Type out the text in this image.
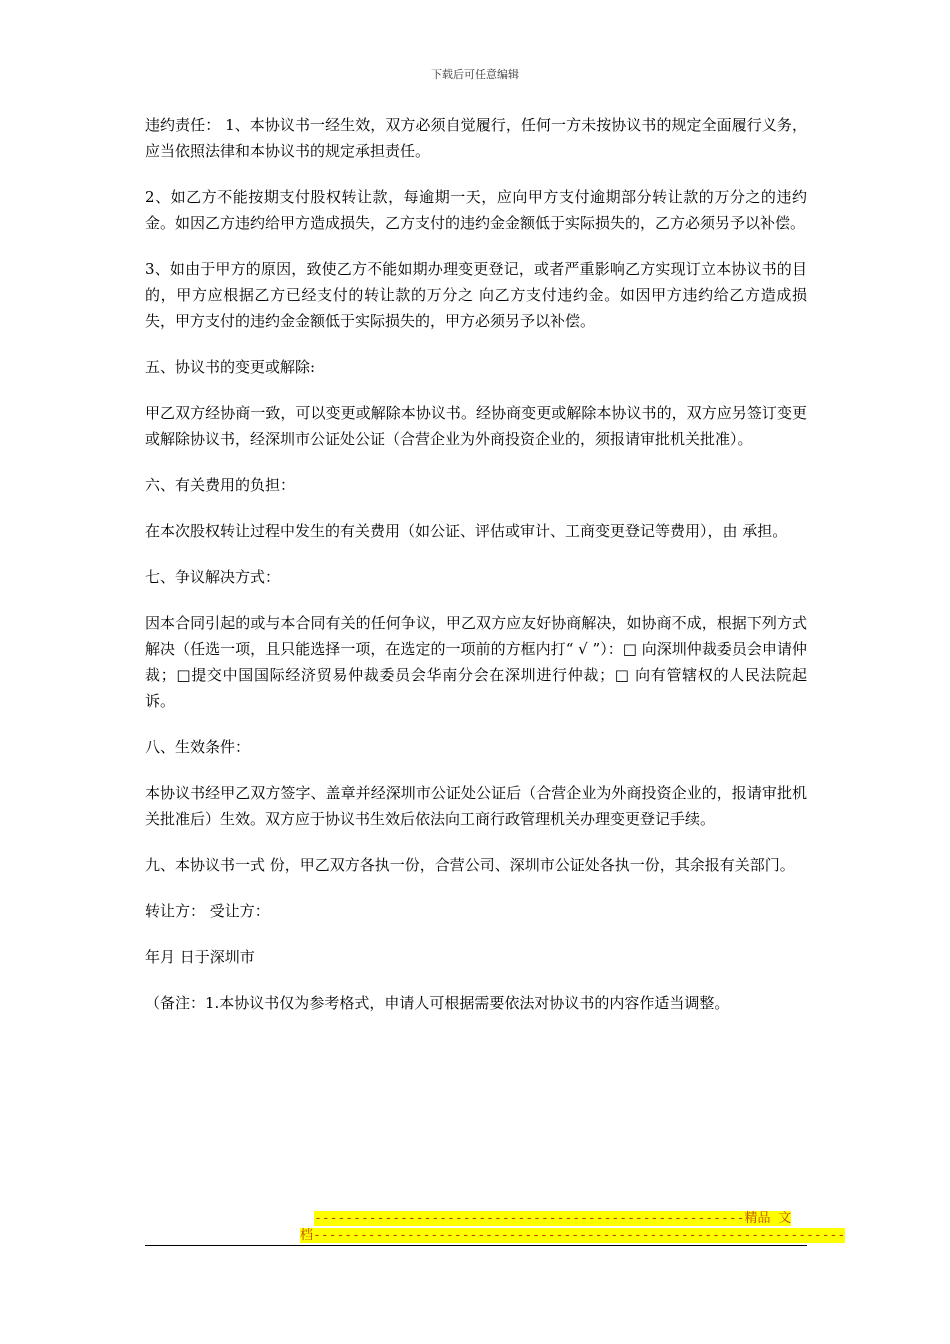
下载后可任意编辑

违约责任： 1、本协议书一经生效，双方必须自觉履行，任何一方未按协议书的规定全面履行义务，应当依照法律和本协议书的规定承担责任。

2、如乙方不能按期支付股权转让款，每逾期一天，应向甲方支付逾期部分转让款的万分之的违约金。如因乙方违约给甲方造成损失，乙方支付的违约金金额低于实际损失的，乙方必须另予以补偿。

3、如由于甲方的原因，致使乙方不能如期办理变更登记，或者严重影响乙方实现订立本协议书的目的，甲方应根据乙方已经支付的转让款的万分之 向乙方支付违约金。如因甲方违约给乙方造成损失，甲方支付的违约金金额低于实际损失的，甲方必须另予以补偿。

五、协议书的变更或解除:

甲乙双方经协商一致，可以变更或解除本协议书。经协商变更或解除本协议书的，双方应另签订变更或解除协议书，经深圳市公证处公证（合营企业为外商投资企业的，须报请审批机关批准）。

六、有关费用的负担：

在本次股权转让过程中发生的有关费用（如公证、评估或审计、工商变更登记等费用），由 承担。

七、争议解决方式：

因本合同引起的或与本合同有关的任何争议，甲乙双方应友好协商解决，如协商不成，根据下列方式解决（任选一项，且只能选择一项，在选定的一项前的方框内打“ √ ”）：□ 向深圳仲裁委员会申请仲裁；□提交中国国际经济贸易仲裁委员会华南分会在深圳进行仲裁；□ 向有管辖权的人民法院起诉。

八、生效条件：

本协议书经甲乙双方签字、盖章并经深圳市公证处公证后（合营企业为外商投资企业的，报请审批机关批准后）生效。双方应于协议书生效后依法向工商行政管理机关办理变更登记手续。

九、本协议书一式 份，甲乙双方各执一份，合营公司、深圳市公证处各执一份，其余报有关部门。

转让方： 受让方：

年月 日于深圳市

（备注：1.本协议书仅为参考格式，申请人可根据需要依法对协议书的内容作适当调整。

-------------------------------------------------------精品 文
档--------------------------------------------------------------------
